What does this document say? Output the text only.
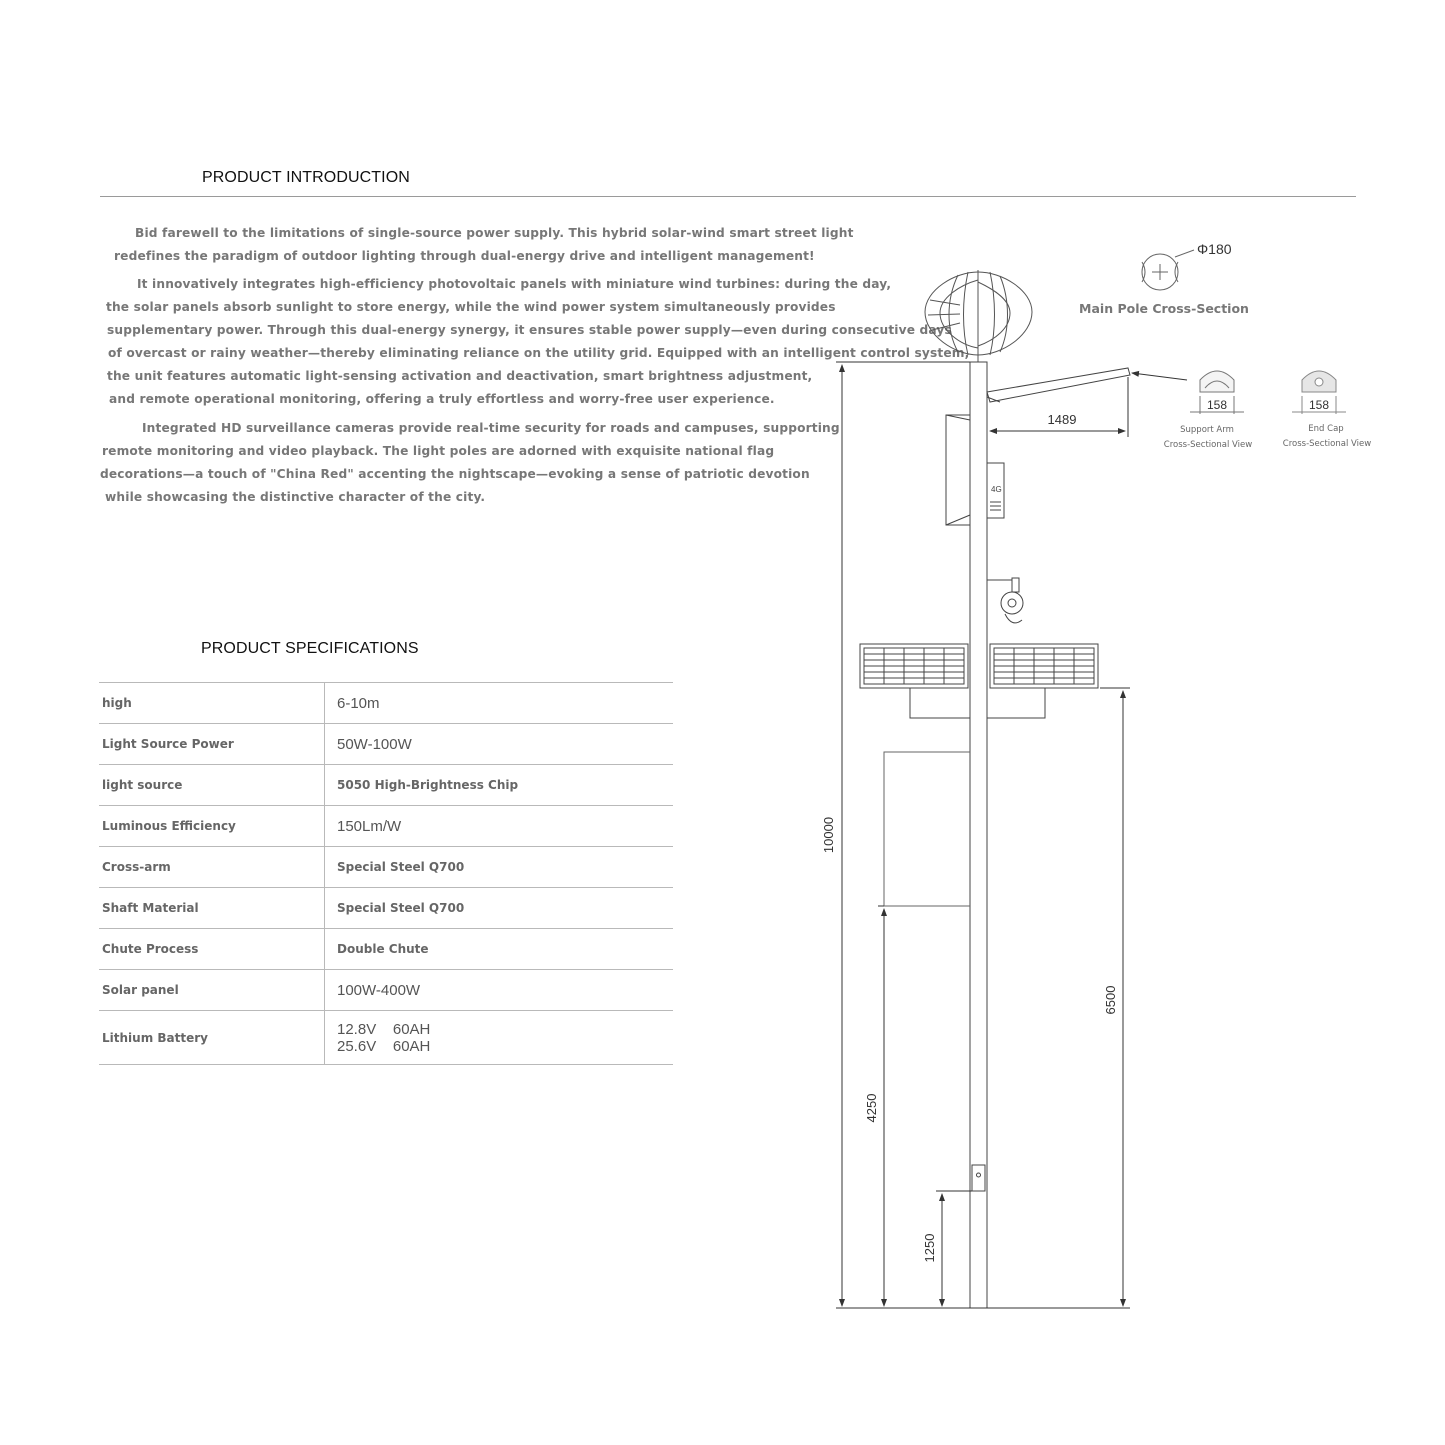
PRODUCT INTRODUCTION

Bid farewell to the limitations of single-source power supply. This hybrid solar-wind smart street light

redefines the paradigm of outdoor lighting through dual-energy drive and intelligent management!

It innovatively integrates high-efficiency photovoltaic panels with miniature wind turbines: during the day,

the solar panels absorb sunlight to store energy, while the wind power system simultaneously provides

supplementary power. Through this dual-energy synergy, it ensures stable power supply—even during consecutive days

of overcast or rainy weather—thereby eliminating reliance on the utility grid. Equipped with an intelligent control system,

the unit features automatic light-sensing activation and deactivation, smart brightness adjustment,

and remote operational monitoring, offering a truly effortless and worry-free user experience.

Integrated HD surveillance cameras provide real-time security for roads and campuses, supporting

remote monitoring and video playback. The light poles are adorned with exquisite national flag

decorations—a touch of "China Red" accenting the nightscape—evoking a sense of patriotic devotion

while showcasing the distinctive character of the city.

PRODUCT SPECIFICATIONS
high	6-10m
Light Source Power	50W-100W
light source	5050 High-Brightness Chip
Luminous Efficiency	150Lm/W
Cross-arm	Special Steel Q700
Shaft Material	Special Steel Q700
Chute Process	Double Chute
Solar panel	100W-400W
Lithium Battery	12.8V    60AH
25.6V    60AH
4G
10000
6500
4250
1250
1489
Φ180
Main Pole Cross-Section
158
Support Arm
Cross-Sectional View
158
End Cap
Cross-Sectional View
